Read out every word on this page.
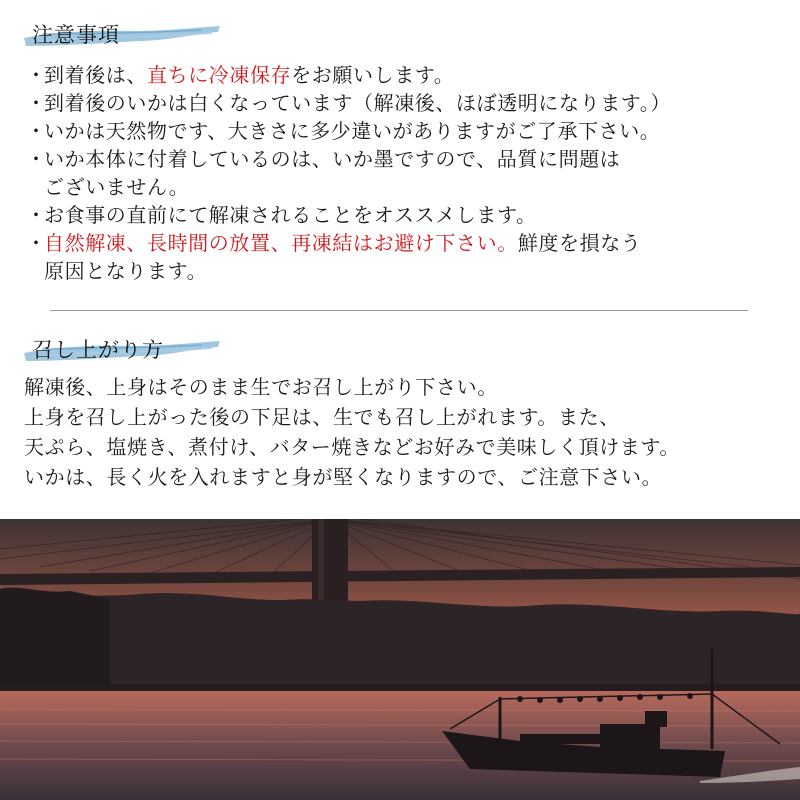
注意事項
・
到着後は、直ちに冷凍保存をお願いします。
・
到着後のいかは白くなっています（解凍後、ほぼ透明になります。）
・
いかは天然物です、大きさに多少違いがありますがご了承下さい。
・
いか本体に付着しているのは、いか墨ですので、品質に問題は
ございません。
・
お食事の直前にて解凍されることをオススメします。
・
自然解凍、長時間の放置、再凍結はお避け下さい。鮮度を損なう
原因となります。
召し上がり方

解凍後、上身はそのまま生でお召し上がり下さい。

上身を召し上がった後の下足は、生でも召し上がれます。また、

天ぷら、塩焼き、煮付け、バター焼きなどお好みで美味しく頂けます。

いかは、長く火を入れますと身が堅くなりますので、ご注意下さい。
